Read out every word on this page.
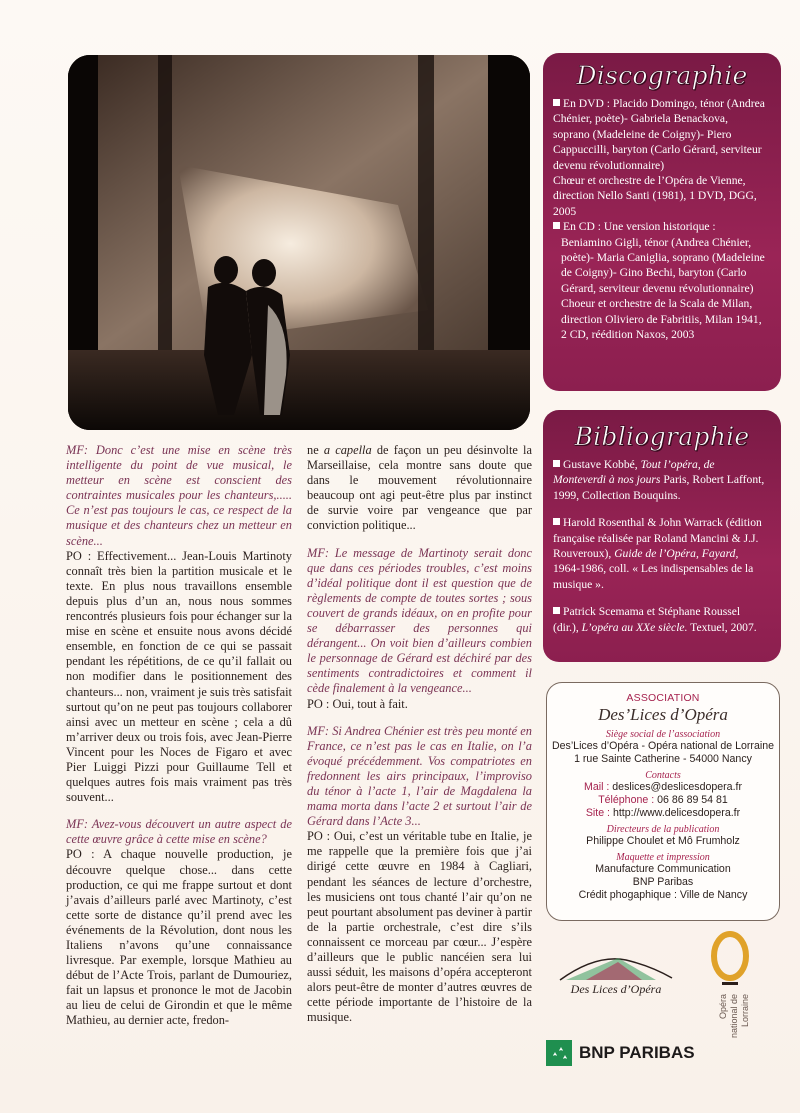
MF: Donc c’est une mise en scène très intelligente du point de vue musical, le metteur en scène est conscient des contraintes musicales pour les chanteurs,..... Ce n’est pas toujours le cas, ce respect de la musique et des chanteurs chez un metteur en scène...

PO : Effectivement... Jean-Louis Martinoty connaît très bien la partition musicale et le texte. En plus nous travaillons ensemble depuis plus d’un an, nous nous sommes rencontrés plusieurs fois pour échanger sur la mise en scène et ensuite nous avons décidé ensemble, en fonction de ce qui se passait pendant les répétitions, de ce qu’il fallait ou non modifier dans le positionnement des chanteurs... non, vraiment je suis très satisfait surtout qu’on ne peut pas toujours collaborer ainsi avec un metteur en scène ; cela a dû m’arriver deux ou trois fois, avec Jean-Pierre Vincent pour les Noces de Figaro et avec Pier Luiggi Pizzi pour Guillaume Tell et quelques autres fois mais vraiment pas très souvent...

MF: Avez-vous découvert un autre aspect de cette œuvre grâce à cette mise en scène?

PO : A chaque nouvelle production, je découvre quelque chose... dans cette production, ce qui me frappe surtout et dont j’avais d’ailleurs parlé avec Martinoty, c’est cette sorte de distance qu’il prend avec les événements de la Révolution, dont nous les Italiens n’avons qu’une connaissance livresque. Par exemple, lorsque Mathieu au début de l’Acte Trois, parlant de Dumouriez, fait un lapsus et prononce le mot de Jacobin au lieu de celui de Girondin et que le même Mathieu, au dernier acte, fredon-

ne a capella de façon un peu désinvolte la Marseillaise, cela montre sans doute que dans le mouvement révolutionnaire beaucoup ont agi peut-être plus par instinct de survie voire par vengeance que par conviction politique...

MF: Le message de Martinoty serait donc que dans ces périodes troubles, c’est moins d’idéal politique dont il est question que de règlements de compte de toutes sortes ; sous couvert de grands idéaux, on en profite pour se débarrasser des personnes qui dérangent... On voit bien d’ailleurs combien le personnage de Gérard est déchiré par des sentiments contradictoires et comment il cède finalement à la vengeance...

PO : Oui, tout à fait.

MF: Si Andrea Chénier est très peu monté en France, ce n’est pas le cas en Italie, on l’a évoqué précédemment. Vos compatriotes en fredonnent les airs principaux, l’improviso du ténor à l’acte 1, l’air de Magdalena la mama morta dans l’acte 2 et surtout l’air de Gérard dans l’Acte 3...

PO : Oui, c’est un véritable tube en Italie, je me rappelle que la première fois que j’ai dirigé cette œuvre en 1984 à Cagliari, pendant les séances de lecture d’orchestre, les musiciens ont tous chanté l’air qu’on ne peut pourtant absolument pas deviner à partir de la partie orchestrale, c’est dire s’ils connaissent ce morceau par cœur... J’espère d’ailleurs que le public nancéien sera lui aussi séduit, les maisons d’opéra accepteront alors peut-être de monter d’autres œuvres de cette période importante de l’histoire de la musique.

Discographie

En DVD : Placido Domingo, ténor (Andrea Chénier, poète)- Gabriela Benackova, soprano (Madeleine de Coigny)- Piero Cappuccilli, baryton (Carlo Gérard, serviteur devenu révolutionnaire)

Chœur et orchestre de l’Opéra de Vienne, direction Nello Santi (1981), 1 DVD, DGG, 2005

En CD : Une version historique :

Beniamino Gigli, ténor (Andrea Chénier, poète)- Maria Caniglia, soprano (Madeleine de Coigny)- Gino Bechi, baryton (Carlo Gérard, serviteur devenu révolutionnaire)

Choeur et orchestre de la Scala de Milan, direction Oliviero de Fabritiis, Milan 1941,

2 CD, réédition Naxos, 2003

Bibliographie

Gustave Kobbé, Tout l’opéra, de Monteverdi à nos jours Paris, Robert Laffont, 1999, Collection Bouquins.

Harold Rosenthal & John Warrack (édition française réalisée par Roland Mancini & J.J. Rouveroux), Guide de l’Opéra, Fayard, 1964-1986, coll. « Les indispensables de la musique ».

Patrick Scemama et Stéphane Roussel (dir.), L’opéra au XXe siècle. Textuel, 2007.

ASSOCIATION
Des’Lices d’Opéra
Siège social de l’association
Des’Lices d’Opéra - Opéra national de Lorraine
1 rue Sainte Catherine - 54000 Nancy
Contacts
Mail : deslices@deslicesdopera.fr
Téléphone : 06 86 89 54 81
Site : http://www.delicesdopera.fr
Directeurs de la publication
Philippe Choulet et Mô Frumholz
Maquette et impression
Manufacture Communication
BNP Paribas
Crédit phogaphique : Ville de Nancy
Des Lices d’Opéra
Opéra national de Lorraine
BNP PARIBAS
